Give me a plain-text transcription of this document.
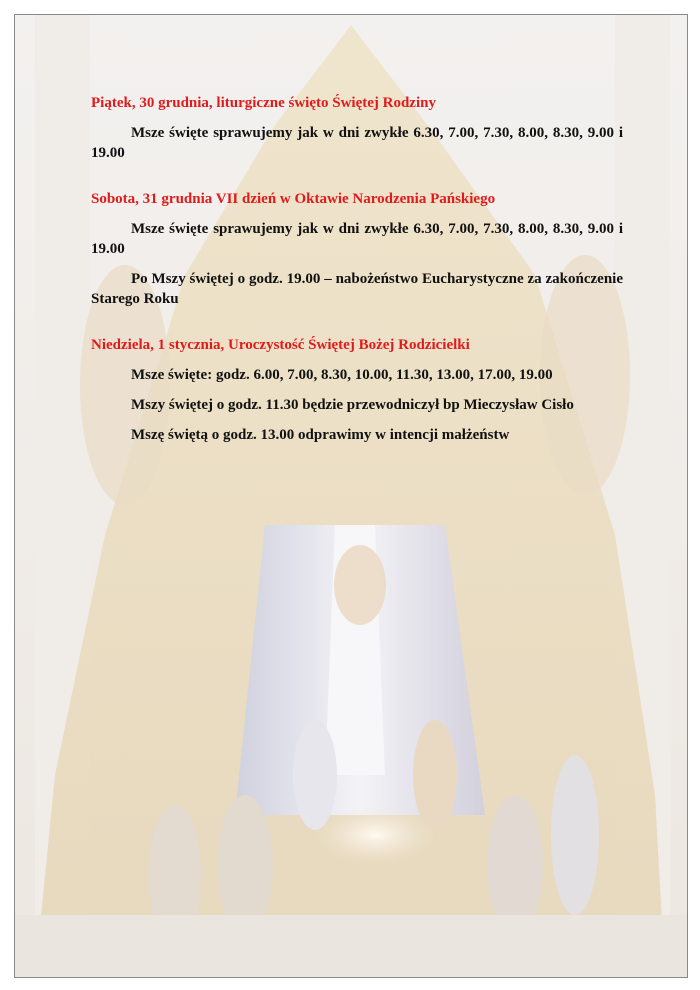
Piątek, 30 grudnia, liturgiczne święto Świętej Rodziny
Msze święte sprawujemy jak w dni zwykłe 6.30, 7.00, 7.30, 8.00, 8.30, 9.00 i 19.00
Sobota, 31 grudnia VII dzień w Oktawie Narodzenia Pańskiego
Msze święte sprawujemy jak w dni zwykłe 6.30, 7.00, 7.30, 8.00, 8.30, 9.00 i 19.00
Po Mszy świętej o godz. 19.00 – nabożeństwo Eucharystyczne za zakończenie Starego Roku
Niedziela, 1 stycznia, Uroczystość Świętej Bożej Rodzicielki
Msze święte: godz. 6.00, 7.00, 8.30, 10.00, 11.30, 13.00, 17.00, 19.00
Mszy świętej o godz. 11.30 będzie przewodniczył bp Mieczysław Cisło
Mszę świętą o godz. 13.00 odprawimy w intencji małżeństw
